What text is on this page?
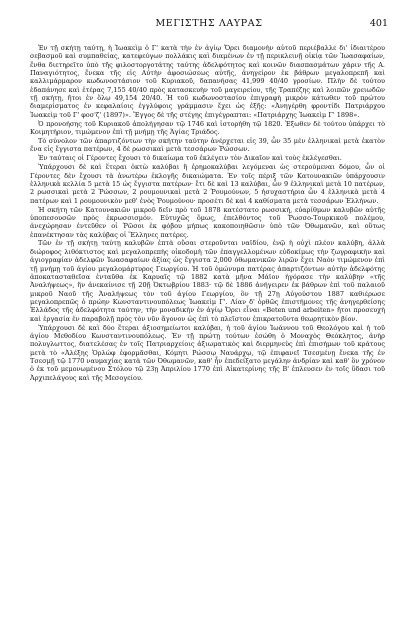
ΜΕΓΙΣΤΗΣ ΛΑΥΡΑΣ	401

Ἐν τῇ σκήτῃ ταύτῃ, ἡ Ἰωακεὶμ ὁ Γ' κατὰ τὴν ἐν ἁγίῳ Ὄρει διαμονὴν αὐτοῦ περιέβαλλε δι' ἰδιαιτέρου σεβασμοῦ καὶ συμπαθείας, κατεφεύγων πολλάκις καὶ διαμένων ἐν τῇ περικλεινῇ οἰκίᾳ τῶν Ἰωασαφαίων, ἕνθα διετηρεῖτο ὑπὸ τῆς φιλοστοργοτάτης ταύτης ἀδελφότητος καὶ κοινῶν διασπασμάτων χάριν τῆς Α. Παναγιότητος, ἕνεκα τῆς εἰς Αὐτὴν ἀφοσιώσεως αὐτῆς, ἀνηγείρον ἐκ βάθρων μεγαλοπρεπῆ καὶ καλλιμάρμαρον κωδωνοστάσιον τοῦ Κυριακοῦ, δαπανήσας 41,999 40/40 γροσίων. Πλὴν δὲ τούτου ἐδαπάνησε καὶ ἑτέρας 7,155 40/40 πρὸς κατασκευὴν τοῦ μαγειρείου, τῆς Τραπέζης καὶ λοιπῶν χρειωδῶν τῇ σκήτῃ, ἤτοι ἐν ὅλῳ 49,154 20/40. Ἡ τοῦ κωδωνοστασίου ἐπιγραφὴ μικρὸν κάτωθεν τοῦ πρώτου διαμερίσματος ἐν κεφαλαίοις ἐγγλύφοις γράμμασιν ἔχει ὡς ἑξῆς: «Ἀνηγέρθη φροντίδι Πατριάρχου Ἰωακεὶμ τοῦ Γ' φοσ'ζ' (1897)». Ἔγγος δὲ τῆς στέγης ἐπιγέγραπται: «Πατριάρχης Ἰωακεὶμ Γ' 1898».

Ὁ προνοήσης τοῦ Κυριακοῦ ἀπολήγησαν τῷ 1746 καὶ ἱστορήθη τῷ 1820. Ἐξωθεν δὲ τούτου ὑπάρχει τὸ Κοιμητήριον, τιμώμενον ἐπὶ τῇ μνήμῃ τῆς Ἁγίας Τριάδος.

Τὸ σύνολον τῶν ἀπαρτιζόντων τὴν σκήτην ταύτην ἀνέρχεται εἰς 39, ὧν 35 μὲν ἑλληνικαὶ μετὰ ἑκατὸν ἕνα εἰς ἔγγιστα πατέρων, 4 δὲ ρωσσικαὶ μετὰ τεσσάρων Ῥώσσων.

Ἐν ταύταις οἱ Γέροντες ἔχουσι τὸ δικαίωμα τοῦ ἐκλέγειν τὸν Δικαῖον καὶ τοὺς ἐκλέγεσθαι.

Ὑπάρχουσι δὲ καὶ ἕτεραι ὀκτὼ καλύβαι ἢ ἐρημοκαλύβαι λεγόμεναι ὡς στερούμεναι δόμου, ὧν οἱ Γέροντες δὲν ἔχουσι τὰ ἀνωτέρω ἐκλογῆς δικαιώματα. Ἐν τοῖς πέριξ τῶν Κατουνακιῶν ὑπάρχουσιν ἑλληνικὰ κελλία 5 μετὰ 15 ὡς ἔγγιστα πατέρων· ἔτι δὲ καὶ 13 καλύβαι, ὧν 9 ἑλληνικαὶ μετὰ 10 πατέρων, 2 ρωσσικαὶ μετὰ 2 Ῥώσσων, 2 ρουμουνικαὶ μετὰ 2 Ῥουμούνων, 5 ἡσυχαστήρια ὧν 4 ἑλληνικὰ μετὰ 4 πατέρων καὶ 1 ρουμουνικὸν μεθ' ἑνὸς Ῥουμούνου· προσέτι δὲ καὶ 4 καθίσματα μετὰ τεσσάρων Ἑλλήνων.

Ἡ σκήτη τῶν Κατουνακιῶν μικροῦ δεῖν πρὸ τοῦ 1878 κατέστατο ρωσσική, εὐαρίθμων καλυβῶν αὐτῆς ὑποπεσουσῶν πρὸς ἐκρωσσισμόν. Εὐτυχῶς ὅμως, ἐπελθόντος τοῦ Ῥωσσο-Τουρκικοῦ πολέμου, ἀνεχώρησαν ἐντεῦθεν οἱ Ῥῶσοι ἐκ φόβου μήπως κακοποιηθῶσιν ὑπὸ τῶν Ὀθωμανῶν, καὶ οὕτως ἐπανέκτησαν τὰς καλύβας οἱ Ἕλληνες πατέρες.

Τῶν ἐν τῇ σκήτῃ ταύτῃ καλυβῶν ἐπτὰ οὔσαι στεροῦνται ναϊδίου, ἐνῷ ἡ οὐχὶ πλέον καλύβη, ἀλλὰ διώροφος λιθόκτιστος καὶ μεγαλοπρεπὴς οἰκοδομὴ τῶν ἐπαγγελλομένων εὐδοκίμως τὴν ζωγραφικὴν καὶ ἁγιογραφίαν ἀδελφῶν Ἰωασαφαίων ἀξίας ὡς ἔγγιστα 2,000 ὀθωμανικῶν λιρῶν ἔχει Ναὸν τιμώμενον ἐπὶ τῇ μνήμῃ τοῦ ἁγίου μεγαλομάρτυρος Γεωργίου. Ἡ τοῦ ὁμώνυμα πατέρας ἀπαρτιζόντων αὐτὴν ἀδελφότης ἀποκατασταθεῖσα ἐνταῦθα ἐκ Καρυαῖς τῷ 1882 κατὰ μῆνα Μάϊον ἠγόρασε τὴν καλύβην «τῆς Ἀναλήψεως», ἣν ἀνεκαίνισε τῇ 20ῇ Ὀκτωβρίου 1883· τῷ δὲ 1886 ἀνήγειρεν ἐκ βάθρων ἐπὶ τοῦ παλαιοῦ μικροῦ Ναοῦ τῆς Ἀναλήψεως τὸν τοῦ ἁγίου Γεωργίου, ὃν τῇ 27ῃ Αὐγούστου 1887 καθιέρωσε μεγαλοπρεπῶς ὁ πρώην Κωνσταντινουπόλεως Ἰωακεὶμ Γ'. Λίαν δ' ὀρθῶς ἐπιστήμονες τῆς ἀνηγερθείσης Ἑλλάδος τῆς ἀδελφότητα ταύτην, τὴν μοναδικὴν ἐν ἁγίῳ Ὄρει εἶναι «Beten und arbeiten» ἤτοι προσευχὴ καὶ ἐργασία ἐν παραβολῇ πρὸς τὸν νῦν ἄγονον ὡς ἐπὶ τὸ πλεῖστον ἐπικρατοῦντα θεωρητικὸν βίον.

Ὑπάρχουσι δὲ καὶ δύο ἕτεραι ἀξιοσημείωτοι καλύβαι, ἡ τοῦ ἁγίου Ἰωάννου τοῦ Θεολόγου καὶ ἡ τοῦ ἁγίου Μεθοδίου Κωνσταντινουπόλεως. Ἐν τῇ πρώτῃ τούτων ἐσώθη ὁ Μοναχὸς Θεόκλητος, ἀνὴρ πολυγλωττος, διατελέσας ἐν τοῖς Πατριαρχείοις ἀξιωματικὸς καὶ διερμηνεὺς ἐπὶ ἐπισήμων τοῦ κράτους μετὰ τὸ «Ἀλέξης Ὁρλώφ ἐφορμᾶσθαι, Κόμητι Ρώσσῳ Ναυάρχῳ, τῷ ἐπιφανεῖ Τσεσμένῃ ἕνεκα τῆς ἐν Τσεσμῇ τῷ 1770 ναυμαχίας κατὰ τῶν Ὀθωμανῶν, καθ' ἧν ἐπεδείξατο μεγάλην ἀνδρίαν καὶ καθ' ὃν χρόνον ὁ ἐκ τοῦ μεμονωμένου Στόλου τῷ 23ῃ Ἀπριλίου 1770 ἐπὶ Αἰκατερίνης τῆς Β' ἐπλευσεν ἐν τοῖς ὕδασι τοῦ Ἀρχιπελάγους καὶ τῆς Μεσογείου.
